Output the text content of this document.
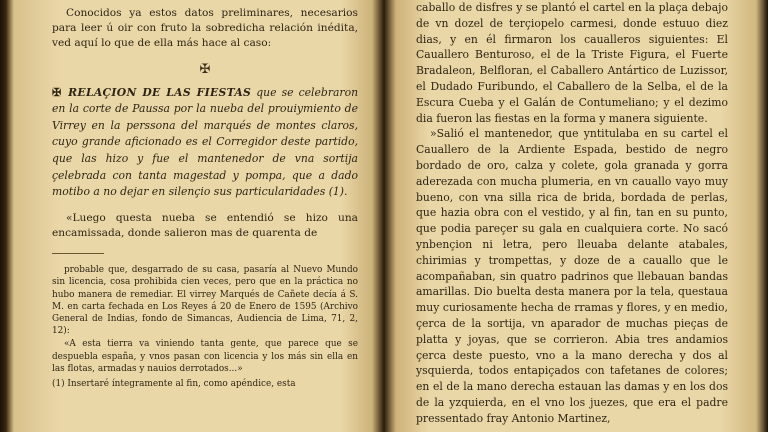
Conocidos ya estos datos preliminares, necesarios para leer ú oir con fruto la sobredicha relación inédita, ved aquí lo que de ella más hace al caso:

✠

✠ RELAÇION DE LAS FIESTAS que se celebraron en la corte de Paussa por la nueba del prouiymiento de Virrey en la perssona del marqués de montes claros, cuyo grande aficionado es el Corregidor deste partido, que las hizo y fue el mantenedor de vna sortija çelebrada con tanta magestad y pompa, que a dado motibo a no dejar en silençio sus particularidades (1).

«Luego questa nueba se entendió se hizo una encamissada, donde salieron mas de quarenta de

probable que, desgarrado de su casa, pasaría al Nuevo Mundo sin licencia, cosa prohibida cien veces, pero que en la práctica no hubo manera de remediar. El virrey Marqués de Cañete decía á S. M. en carta fechada en Los Reyes á 20 de Enero de 1595 (Archivo General de Indias, fondo de Simancas, Audiencia de Lima, 71, 2, 12):

«A esta tierra va viniendo tanta gente, que parece que se despuebla españa, y vnos pasan con licencia y los más sin ella en las flotas, armadas y nauios derrotados...»

(1) Insertaré íntegramente al fin, como apéndice, esta

caballo de disfres y se plantó el cartel en la plaça debajo de vn dozel de terçiopelo carmesi, donde estuuo diez dias, y en él firmaron los caualleros siguientes: El Cauallero Benturoso, el de la Triste Figura, el Fuerte Bradaleon, Belfloran, el Caballero Antártico de Luzissor, el Dudado Furibundo, el Caballero de la Selba, el de la Escura Cueba y el Galán de Contumeliano; y el dezimo dia fueron las fiestas en la forma y manera siguiente.

»Salió el mantenedor, que yntitulaba en su cartel el Cauallero de la Ardiente Espada, bestido de negro bordado de oro, calza y colete, gola granada y gorra aderezada con mucha plumeria, en vn cauallo vayo muy bueno, con vna silla rica de brida, bordada de perlas, que hazia obra con el vestido, y al fin, tan en su punto, que podia pareçer su gala en cualquiera corte. No sacó ynbençion ni letra, pero lleuaba delante atabales, chirimias y trompettas, y doze de a cauallo que le acompañaban, sin quatro padrinos que llebauan bandas amarillas. Dio buelta desta manera por la tela, questaua muy curiosamente hecha de rramas y flores, y en medio, çerca de la sortija, vn aparador de muchas pieças de platta y joyas, que se corrieron. Abia tres andamios çerca deste puesto, vno a la mano derecha y dos al ysquierda, todos entapiçados con tafetanes de colores; en el de la mano derecha estauan las damas y en los dos de la yzquierda, en el vno los juezes, que era el padre pressentado fray Antonio Martinez,
